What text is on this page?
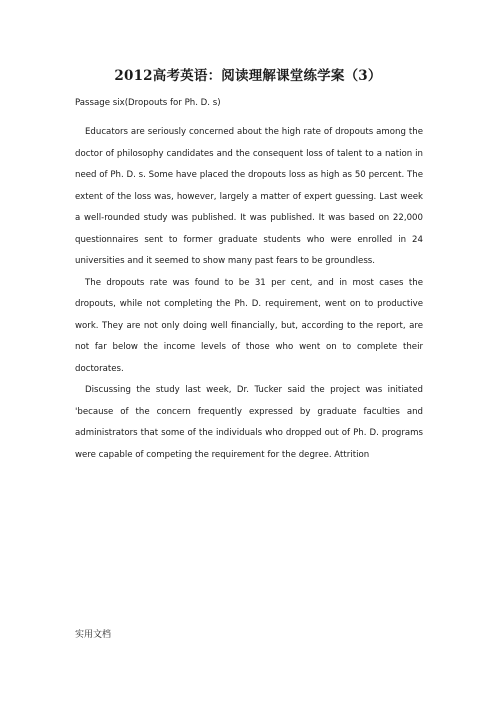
2012高考英语：阅读理解课堂练学案（3）
Passage six(Dropouts for Ph. D. s)

Educators are seriously concerned about the high rate of dropouts among the doctor of philosophy candidates and the consequent loss of talent to a nation in need of Ph. D. s. Some have placed the dropouts loss as high as 50 percent. The extent of the loss was, however, largely a matter of expert guessing. Last week a well-rounded study was published. It was published. It was based on 22,000 questionnaires sent to former graduate students who were enrolled in 24 universities and it seemed to show many past fears to be groundless.

The dropouts rate was found to be 31 per cent, and in most cases the dropouts, while not completing the Ph. D. requirement, went on to productive work. They are not only doing well financially, but, according to the report, are not far below the income levels of those who went on to complete their doctorates.

Discussing the study last week, Dr. Tucker said the project was initiated 'because of the concern frequently expressed by graduate faculties and administrators that some of the individuals who dropped out of Ph. D. programs were capable of competing the requirement for the degree. Attrition

实用文档
